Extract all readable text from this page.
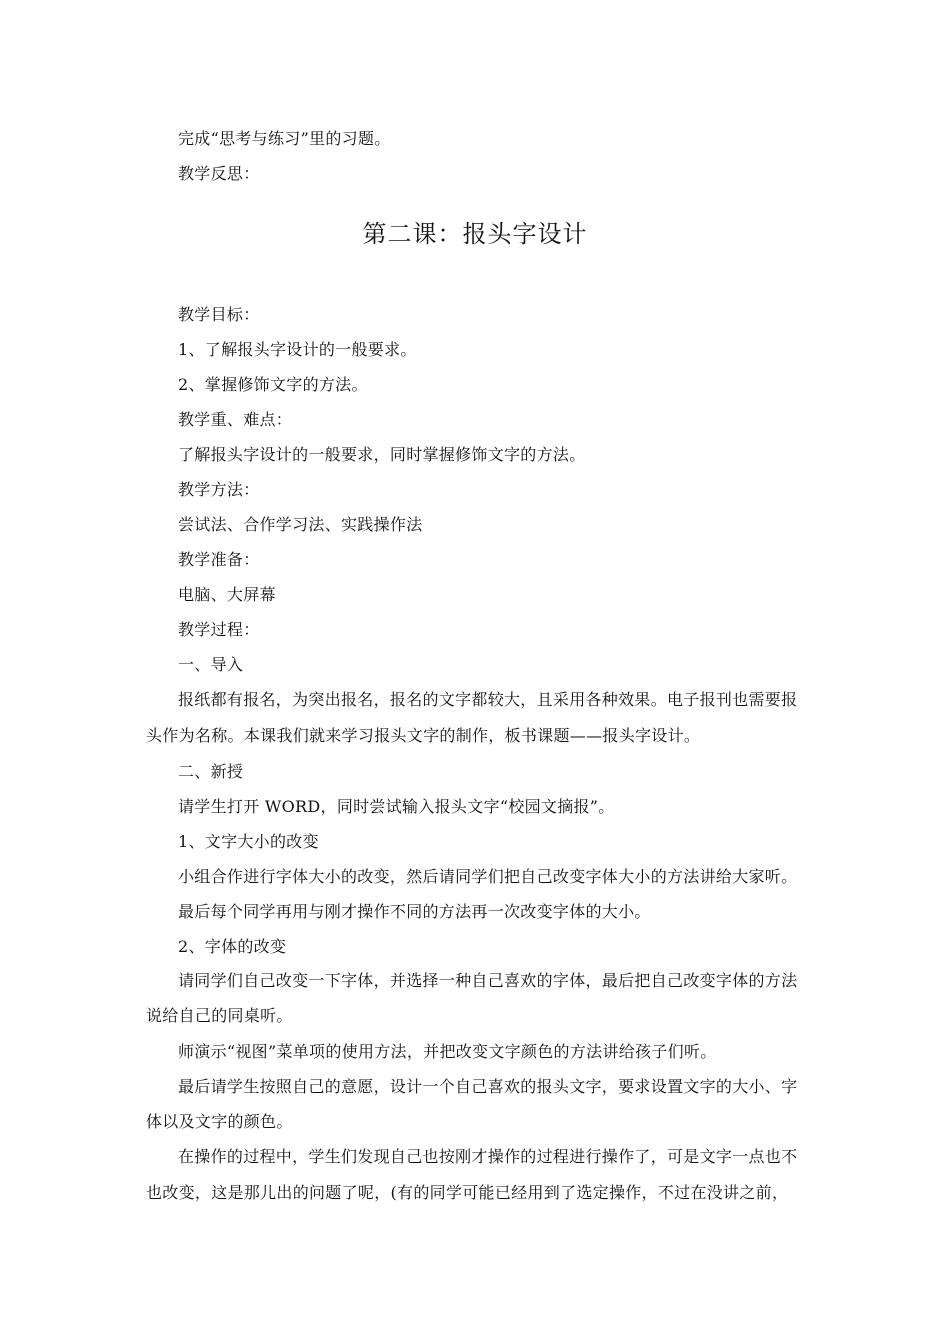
完成“思考与练习”里的习题。
教学反思：
第二课：报头字设计
教学目标：
1、了解报头字设计的一般要求。
2、掌握修饰文字的方法。
教学重、难点：
了解报头字设计的一般要求，同时掌握修饰文字的方法。
教学方法：
尝试法、合作学习法、实践操作法
教学准备：
电脑、大屏幕
教学过程：
一、导入
报纸都有报名，为突出报名，报名的文字都较大，且采用各种效果。电子报刊也需要报
头作为名称。本课我们就来学习报头文字的制作，板书课题——报头字设计。
二、新授
请学生打开 WORD，同时尝试输入报头文字“校园文摘报”。
1、文字大小的改变
小组合作进行字体大小的改变，然后请同学们把自己改变字体大小的方法讲给大家听。
最后每个同学再用与刚才操作不同的方法再一次改变字体的大小。
2、字体的改变
请同学们自己改变一下字体，并选择一种自己喜欢的字体，最后把自己改变字体的方法
说给自己的同桌听。
师演示“视图”菜单项的使用方法，并把改变文字颜色的方法讲给孩子们听。
最后请学生按照自己的意愿，设计一个自己喜欢的报头文字，要求设置文字的大小、字
体以及文字的颜色。
在操作的过程中，学生们发现自己也按刚才操作的过程进行操作了，可是文字一点也不
也改变，这是那儿出的问题了呢，(有的同学可能已经用到了选定操作，不过在没讲之前，
